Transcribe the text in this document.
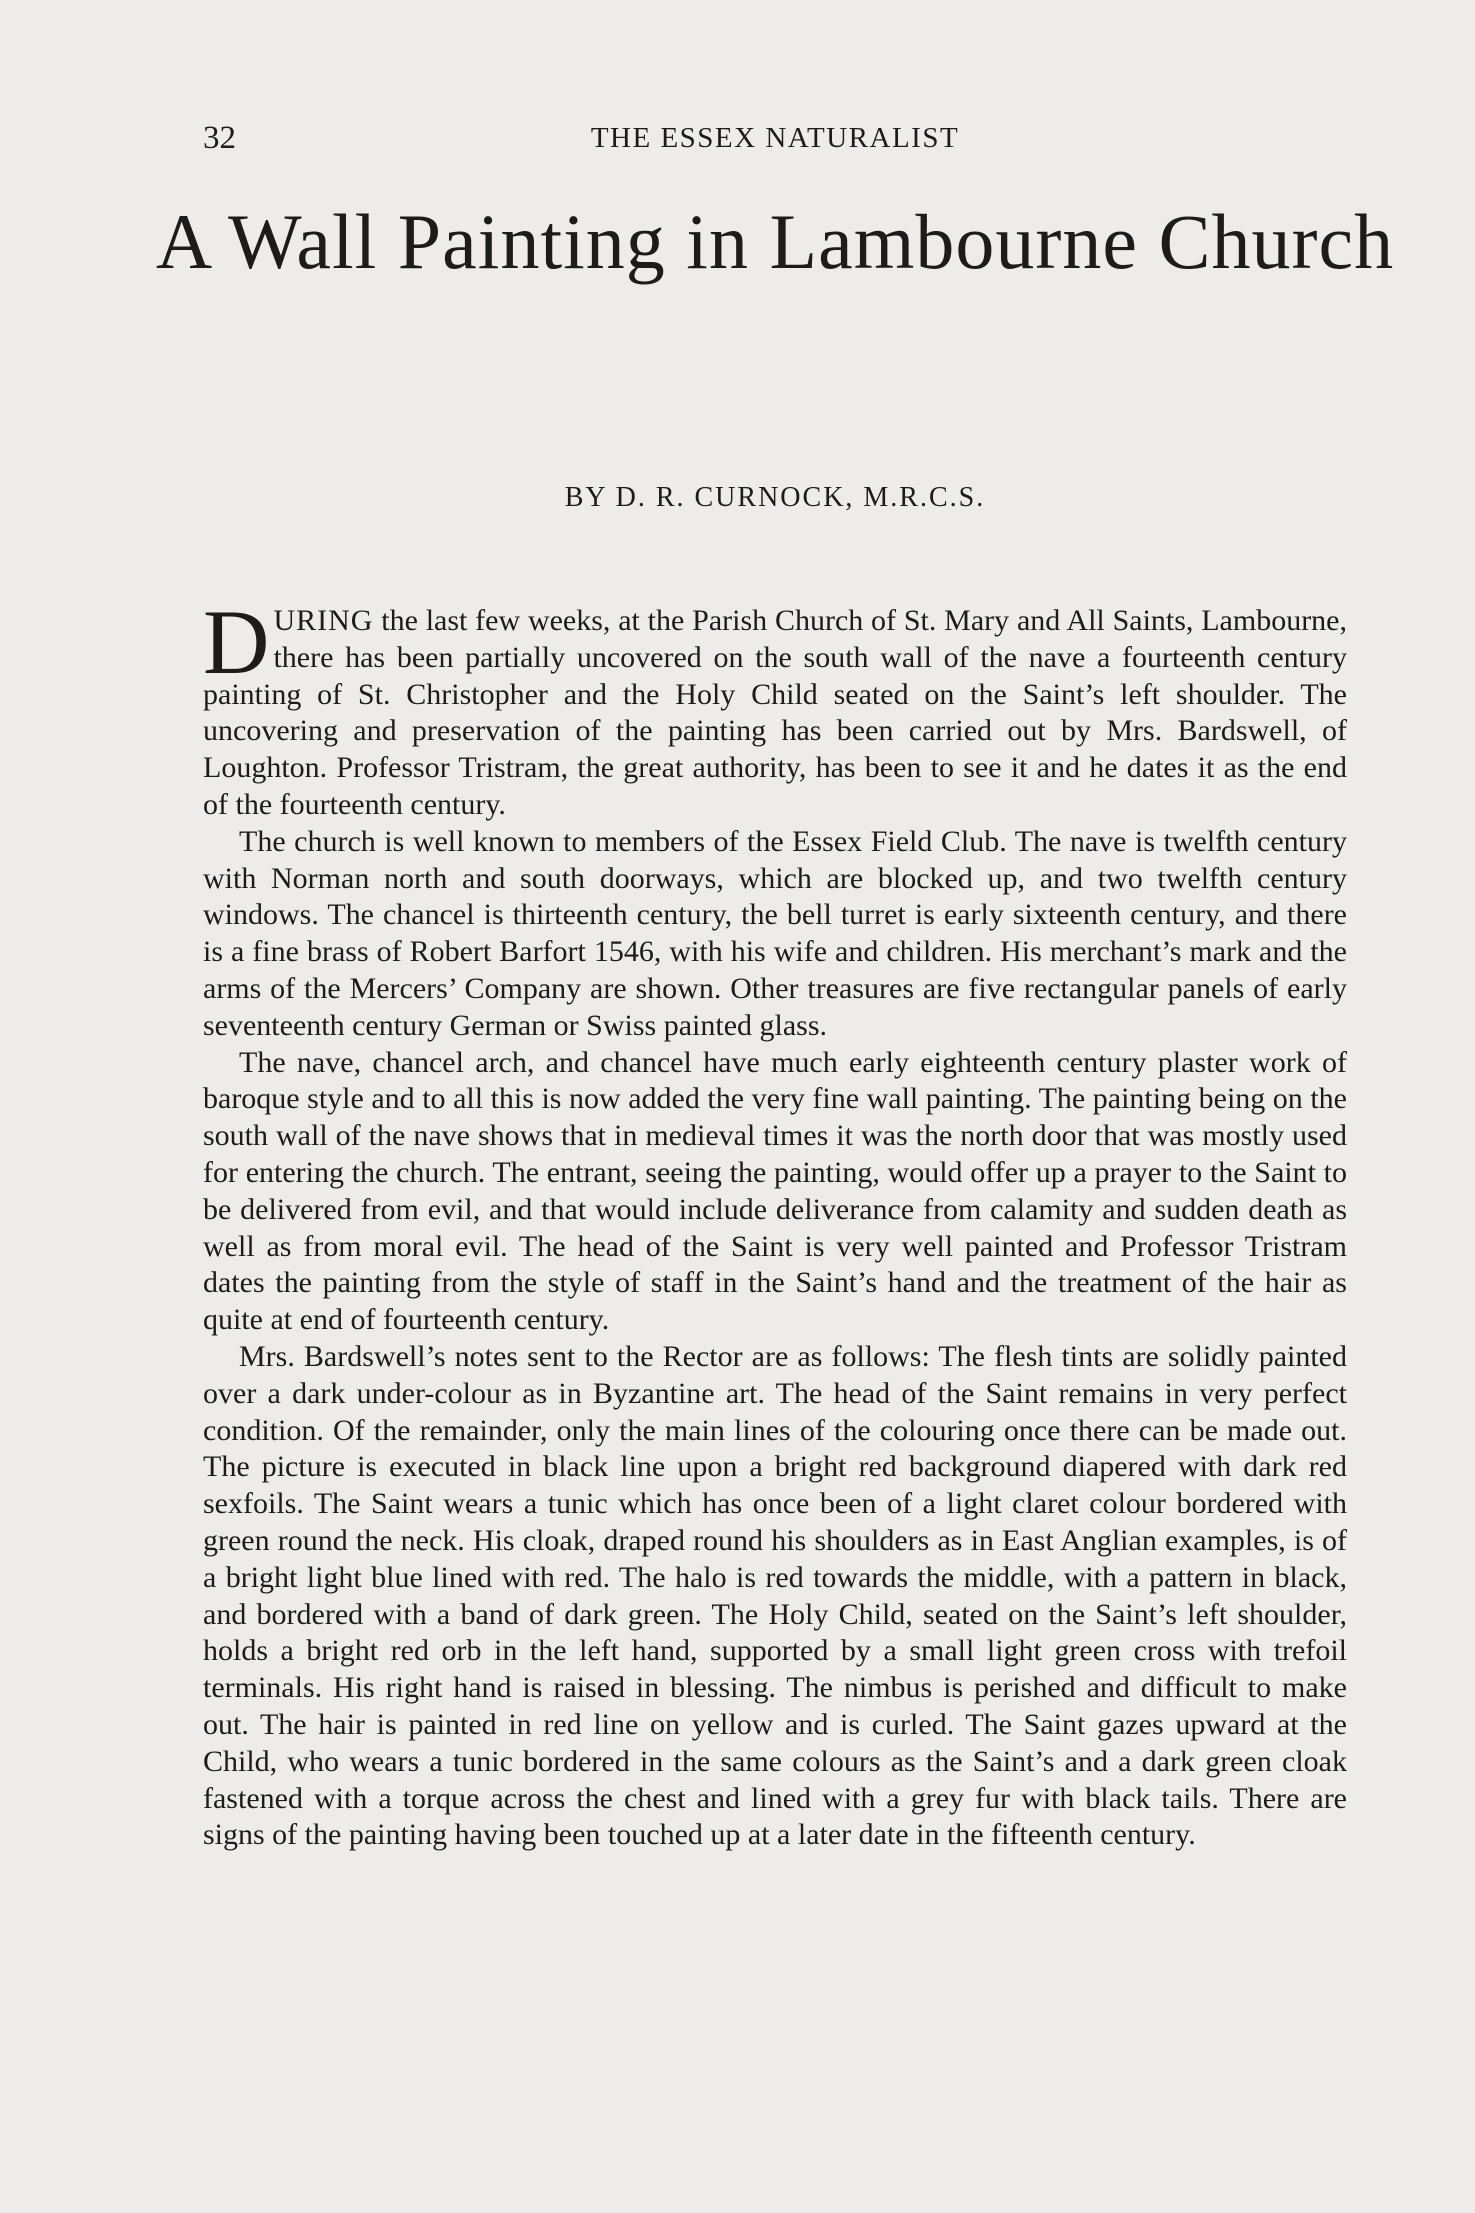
32	THE ESSEX NATURALIST
A Wall Painting in Lambourne Church
BY D. R. CURNOCK, M.R.C.S.

DURING the last few weeks, at the Parish Church of St. Mary and All Saints, Lambourne, there has been partially uncovered on the south wall of the nave a fourteenth century painting of St. Christopher and the Holy Child seated on the Saint’s left shoulder. The uncovering and preservation of the painting has been carried out by Mrs. Bardswell, of Loughton. Professor Tristram, the great authority, has been to see it and he dates it as the end of the fourteenth century.

The church is well known to members of the Essex Field Club. The nave is twelfth century with Norman north and south doorways, which are blocked up, and two twelfth century windows. The chancel is thirteenth century, the bell turret is early sixteenth century, and there is a fine brass of Robert Barfort 1546, with his wife and children. His merchant’s mark and the arms of the Mercers’ Company are shown. Other treasures are five rectangular panels of early seventeenth century German or Swiss painted glass.

The nave, chancel arch, and chancel have much early eighteenth century plaster work of baroque style and to all this is now added the very fine wall painting. The painting being on the south wall of the nave shows that in medieval times it was the north door that was mostly used for entering the church. The entrant, seeing the painting, would offer up a prayer to the Saint to be delivered from evil, and that would include deliverance from calamity and sudden death as well as from moral evil. The head of the Saint is very well painted and Professor Tristram dates the painting from the style of staff in the Saint’s hand and the treatment of the hair as quite at end of fourteenth century.

Mrs. Bardswell’s notes sent to the Rector are as follows: The flesh tints are solidly painted over a dark under-colour as in Byzantine art. The head of the Saint remains in very perfect condition. Of the remainder, only the main lines of the colouring once there can be made out. The picture is executed in black line upon a bright red background diapered with dark red sexfoils. The Saint wears a tunic which has once been of a light claret colour bordered with green round the neck. His cloak, draped round his shoulders as in East Anglian examples, is of a bright light blue lined with red. The halo is red towards the middle, with a pattern in black, and bordered with a band of dark green. The Holy Child, seated on the Saint’s left shoulder, holds a bright red orb in the left hand, supported by a small light green cross with trefoil terminals. His right hand is raised in blessing. The nimbus is perished and difficult to make out. The hair is painted in red line on yellow and is curled. The Saint gazes upward at the Child, who wears a tunic bordered in the same colours as the Saint’s and a dark green cloak fastened with a torque across the chest and lined with a grey fur with black tails. There are signs of the painting having been touched up at a later date in the fifteenth century.
